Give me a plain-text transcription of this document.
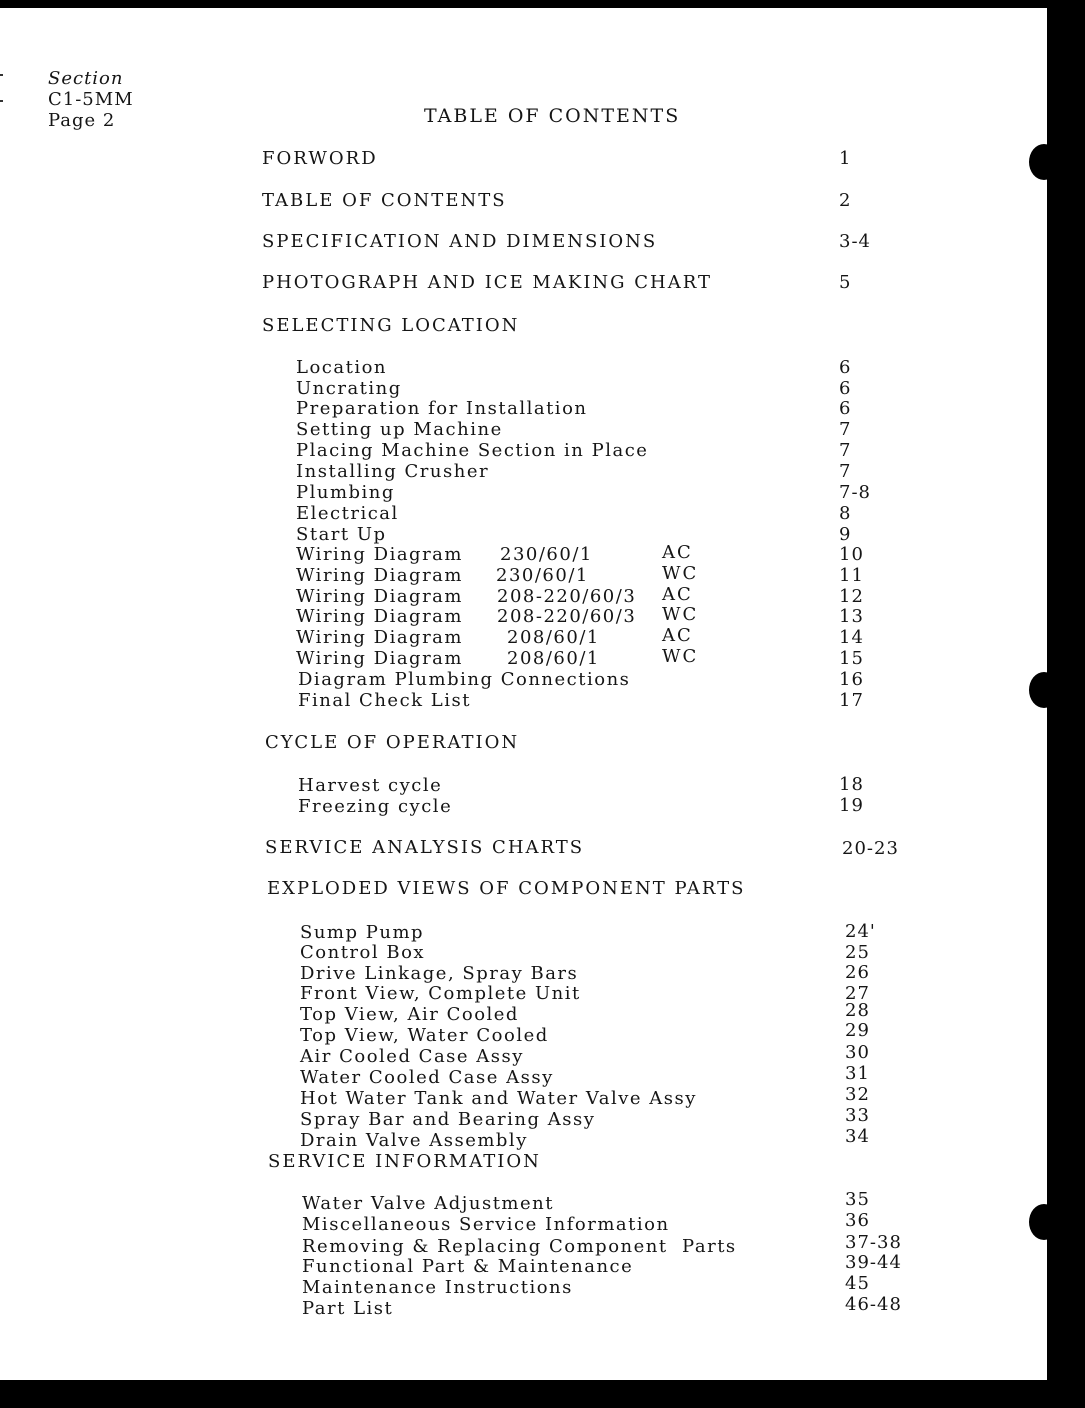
Section
C1-5MM
Page 2	TABLE OF CONTENTS
FORWORD	1
TABLE OF CONTENTS	2
SPECIFICATION AND DIMENSIONS	3-4
PHOTOGRAPH AND ICE MAKING CHART	5
SELECTING LOCATION
Location	6
Uncrating	6
Preparation for Installation	6
Setting up Machine	7
Placing Machine Section in Place	7
Installing Crusher	7
Plumbing	7-8
Electrical	8
Start Up	9
Wiring Diagram 230/60/1	AC	10
Wiring Diagram 230/60/1	WC	11
Wiring Diagram 208-220/60/3 AC	12
Wiring Diagram 208-220/60/3 WC	13
Wiring Diagram 208/60/1	AC	14
Wiring Diagram 208/60/1	WC	15
Diagram Plumbing Connections	16
Final Check List	17
CYCLE OF OPERATION
Harvest cycle	18
Freezing cycle	19
SERVICE ANALYSIS CHARTS	20-23
EXPLODED VIEWS OF COMPONENT PARTS
Sump Pump	24'
Control Box	25
Drive Linkage, Spray Bars	26
Front View, Complete Unit	27
Top View, Air Cooled	28
Top View, Water Cooled	29
Air Cooled Case Assy	30
Water Cooled Case Assy	31
Hot Water Tank and Water Valve Assy	32
Spray Bar and Bearing Assy	33
Drain Valve Assembly	34
SERVICE INFORMATION
Water Valve Adjustment	35
Miscellaneous Service Information	36
Removing & Replacing Component  Parts	37-38
Functional Part & Maintenance	39-44
Maintenance Instructions	45
Part List	46-48
